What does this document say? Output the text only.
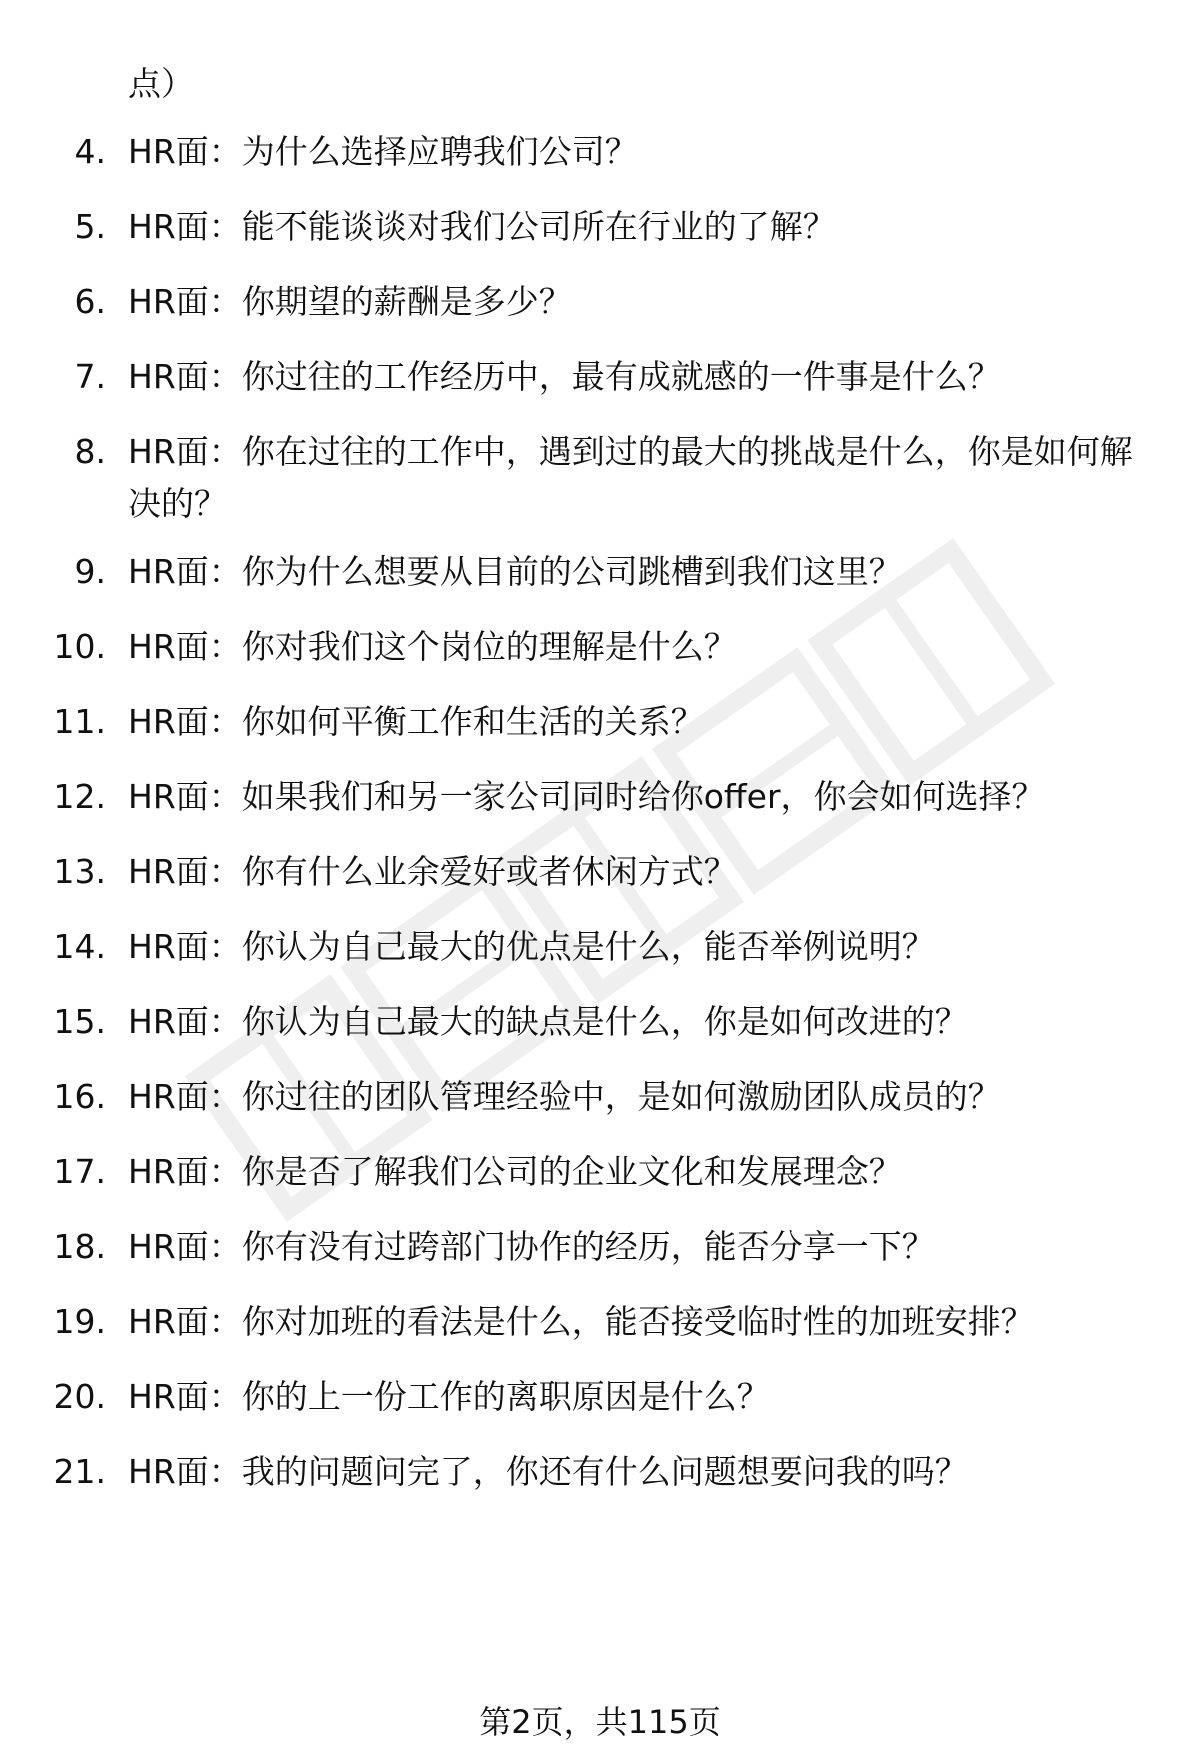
点）
4. HR面：为什么选择应聘我们公司？
5. HR面：能不能谈谈对我们公司所在行业的了解？
6. HR面：你期望的薪酬是多少？
7. HR面：你过往的工作经历中，最有成就感的一件事是什么？
8. HR面：你在过往的工作中，遇到过的最大的挑战是什么，你是如何解决的？
9. HR面：你为什么想要从目前的公司跳槽到我们这里？
10. HR面：你对我们这个岗位的理解是什么？
11. HR面：你如何平衡工作和生活的关系？
12. HR面：如果我们和另一家公司同时给你offer，你会如何选择？
13. HR面：你有什么业余爱好或者休闲方式？
14. HR面：你认为自己最大的优点是什么，能否举例说明？
15. HR面：你认为自己最大的缺点是什么，你是如何改进的？
16. HR面：你过往的团队管理经验中，是如何激励团队成员的？
17. HR面：你是否了解我们公司的企业文化和发展理念？
18. HR面：你有没有过跨部门协作的经历，能否分享一下？
19. HR面：你对加班的看法是什么，能否接受临时性的加班安排？
20. HR面：你的上一份工作的离职原因是什么？
21. HR面：我的问题问完了，你还有什么问题想要问我的吗？
第2页，共115页
